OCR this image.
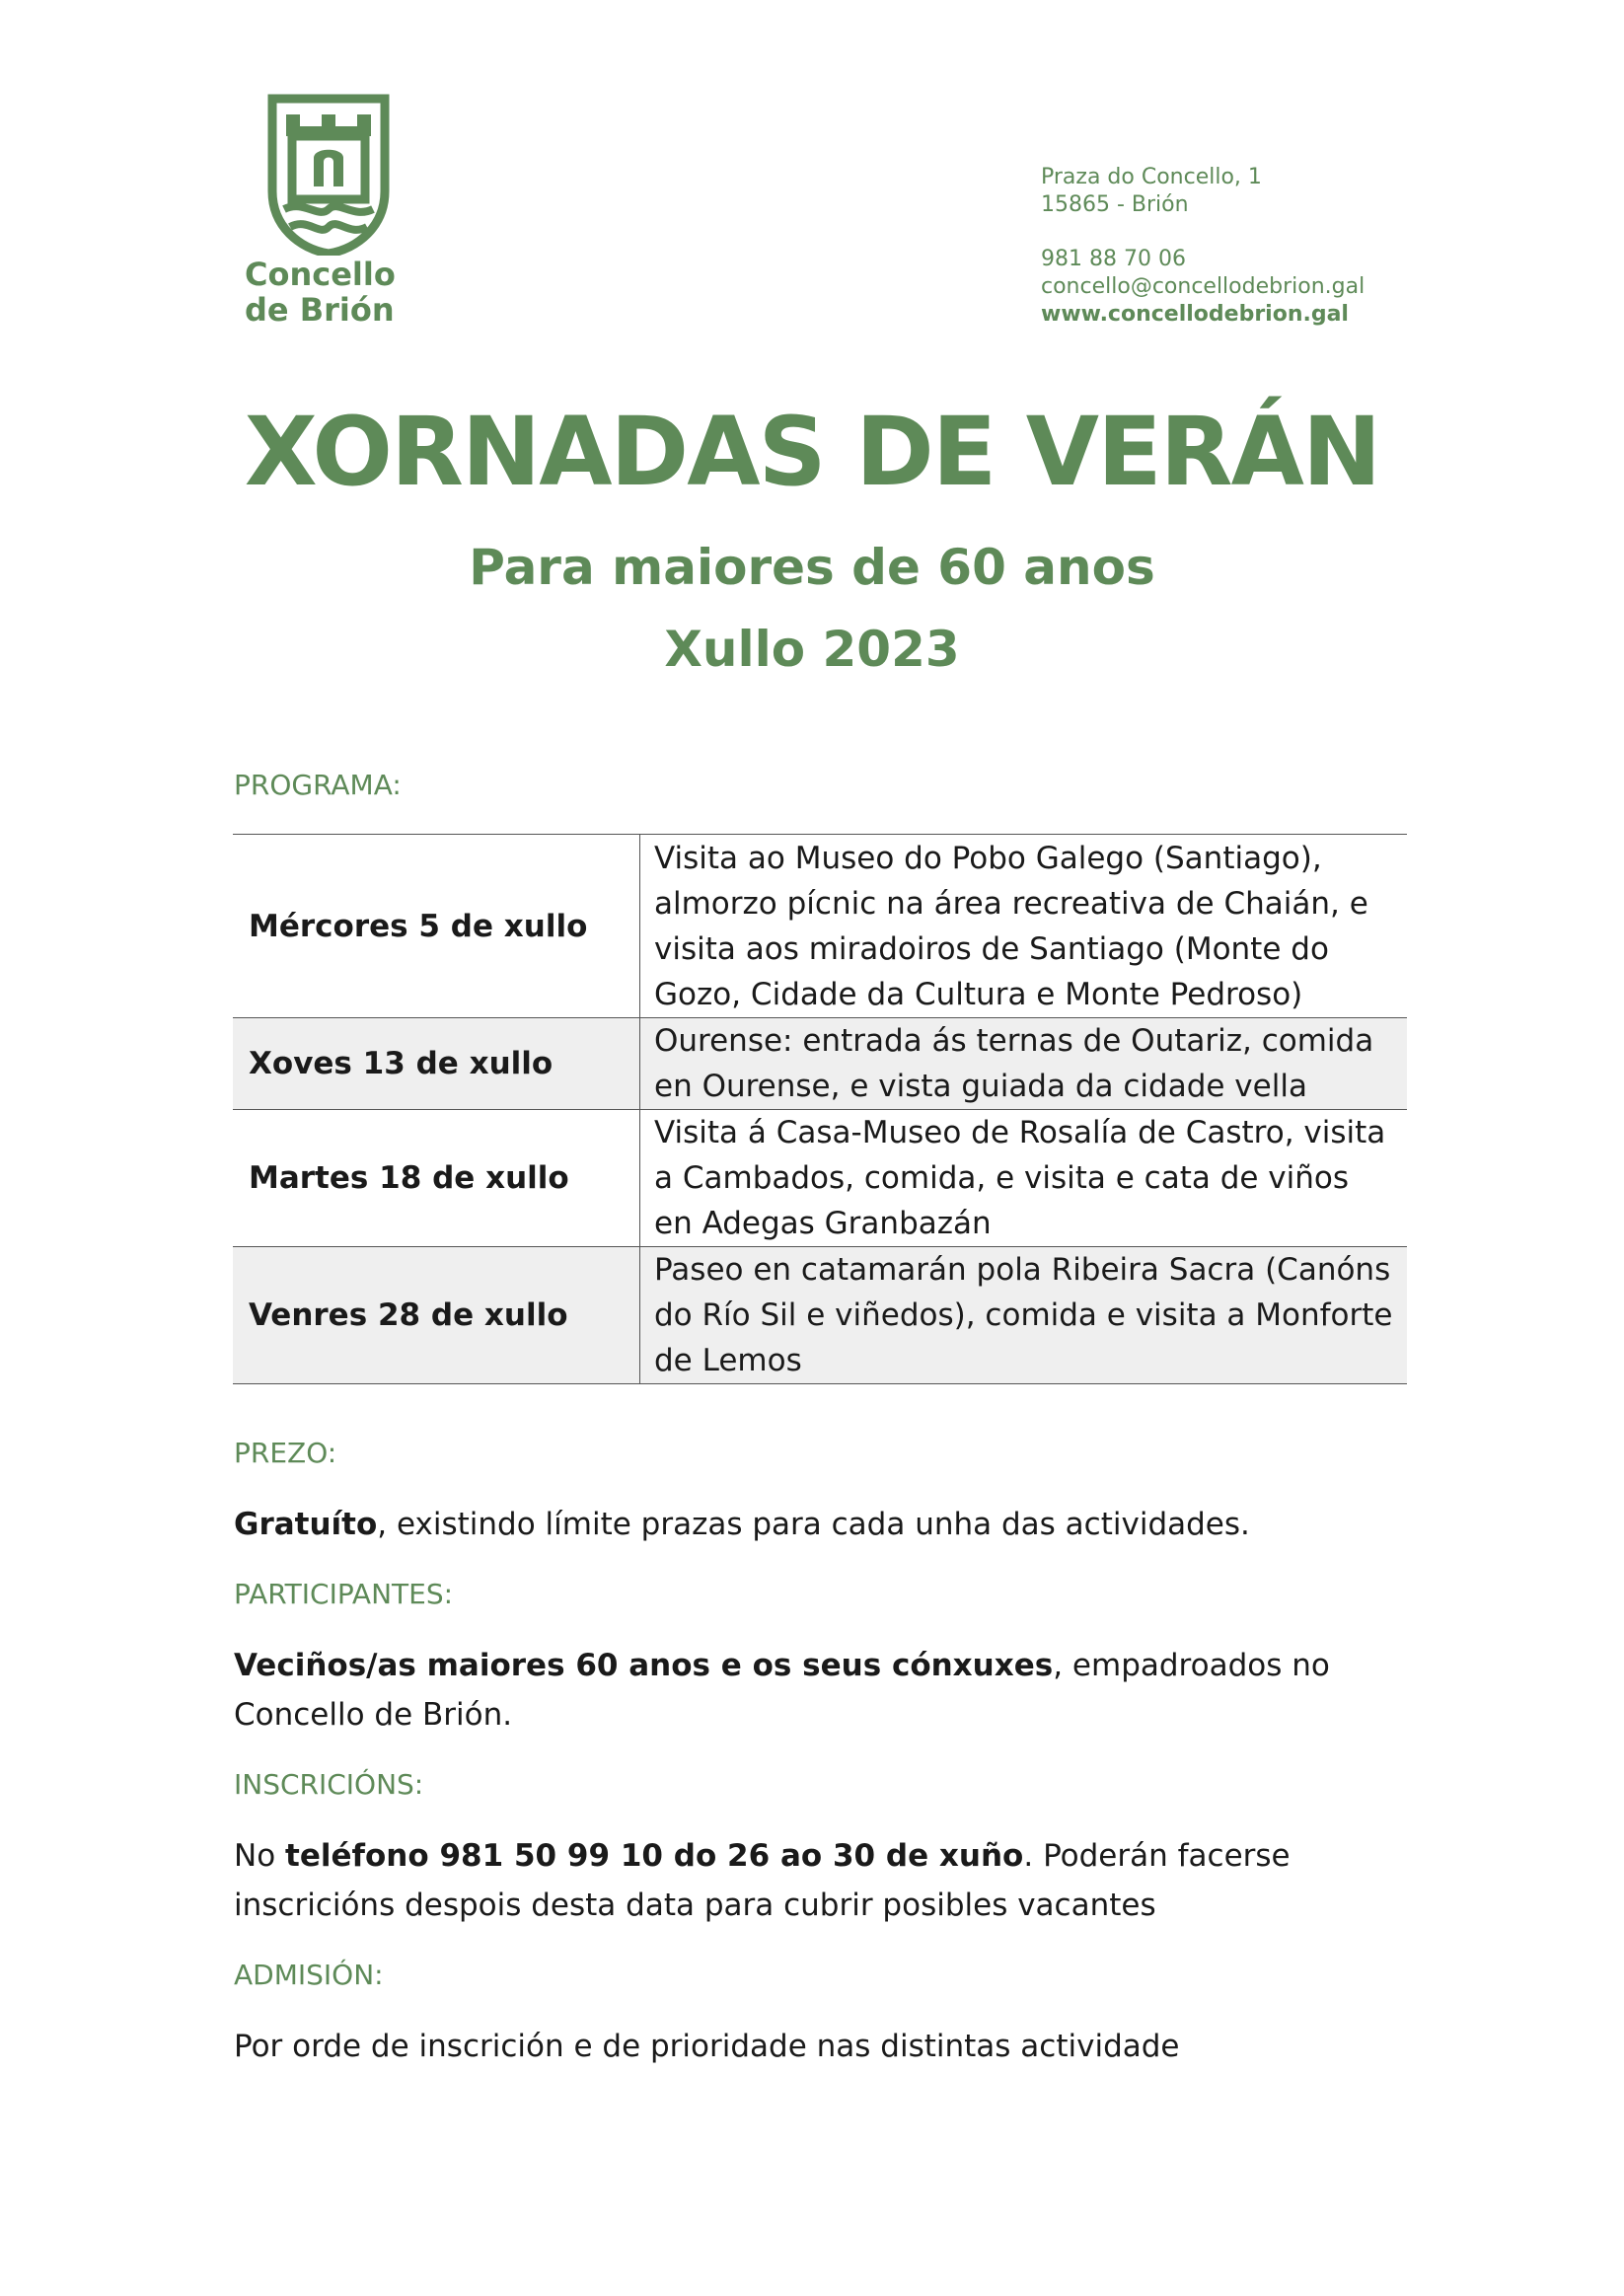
Concello
de Brión
Praza do Concello, 1
15865 - Brión
981 88 70 06
concello@concellodebrion.gal
www.concellodebrion.gal
XORNADAS DE VERÁN
Para maiores de 60 anos
Xullo 2023
PROGRAMA:
Mércores 5 de xullo	Visita ao Museo do Pobo Galego (Santiago), almorzo pícnic na área recreativa de Chaián, e visita aos miradoiros de Santiago (Monte do Gozo, Cidade da Cultura e Monte Pedroso)
Xoves 13 de xullo	Ourense: entrada ás ternas de Outariz, comida en Ourense, e vista guiada da cidade vella
Martes 18 de xullo	Visita á Casa-Museo de Rosalía de Castro, visita a Cambados, comida, e visita e cata de viños en Adegas Granbazán
Venres 28 de xullo	Paseo en catamarán pola Ribeira Sacra (Canóns do Río Sil e viñedos), comida e visita a Monforte de Lemos
PREZO:
Gratuíto, existindo límite prazas para cada unha das actividades.
PARTICIPANTES:
Veciños/as maiores 60 anos e os seus cónxuxes, empadroados no Concello de Brión.
INSCRICIÓNS:
No teléfono 981 50 99 10 do 26 ao 30 de xuño. Poderán facerse inscricións despois desta data para cubrir posibles vacantes
ADMISIÓN:
Por orde de inscrición e de prioridade nas distintas actividade
